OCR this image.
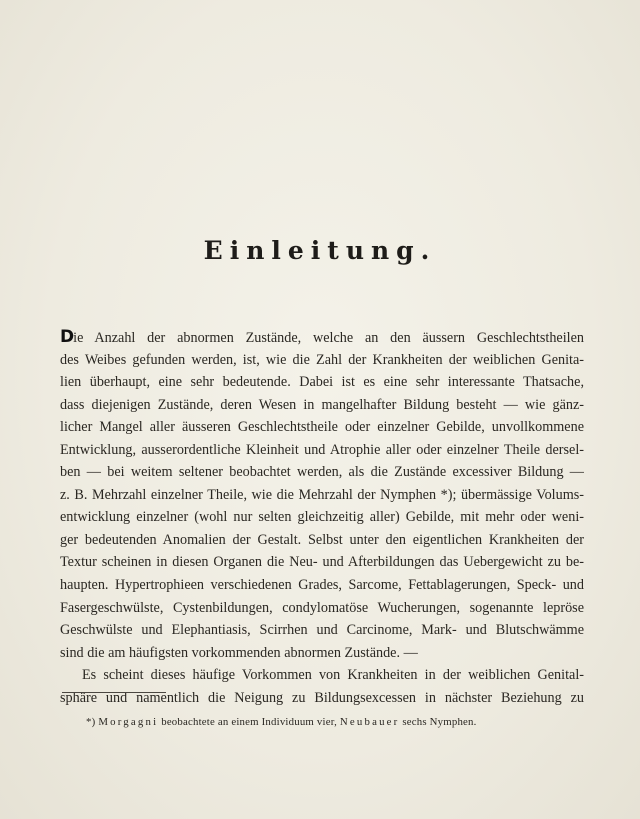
Einleitung.
Die Anzahl der abnormen Zustände, welche an den äussern Geschlechtstheilen
des Weibes gefunden werden, ist, wie die Zahl der Krankheiten der weiblichen Genita-
lien überhaupt, eine sehr bedeutende. Dabei ist es eine sehr interessante Thatsache,
dass diejenigen Zustände, deren Wesen in mangelhafter Bildung besteht — wie gänz-
licher Mangel aller äusseren Geschlechtstheile oder einzelner Gebilde, unvollkommene
Entwicklung, ausserordentliche Kleinheit und Atrophie aller oder einzelner Theile dersel-
ben — bei weitem seltener beobachtet werden, als die Zustände excessiver Bildung —
z. B. Mehrzahl einzelner Theile, wie die Mehrzahl der Nymphen *); übermässige Volums-
entwicklung einzelner (wohl nur selten gleichzeitig aller) Gebilde, mit mehr oder weni-
ger bedeutenden Anomalien der Gestalt. Selbst unter den eigentlichen Krankheiten der
Textur scheinen in diesen Organen die Neu- und Afterbildungen das Uebergewicht zu be-
haupten. Hypertrophieen verschiedenen Grades, Sarcome, Fettablagerungen, Speck- und
Fasergeschwülste, Cystenbildungen, condylomatöse Wucherungen, sogenannte lepröse
Geschwülste und Elephantiasis, Scirrhen und Carcinome, Mark- und Blutschwämme
sind die am häufigsten vorkommenden abnormen Zustände. —
Es scheint dieses häufige Vorkommen von Krankheiten in der weiblichen Genital-
sphäre und namentlich die Neigung zu Bildungsexcessen in nächster Beziehung zu
*) Morgagni beobachtete an einem Individuum vier, Neubauer sechs Nymphen.
